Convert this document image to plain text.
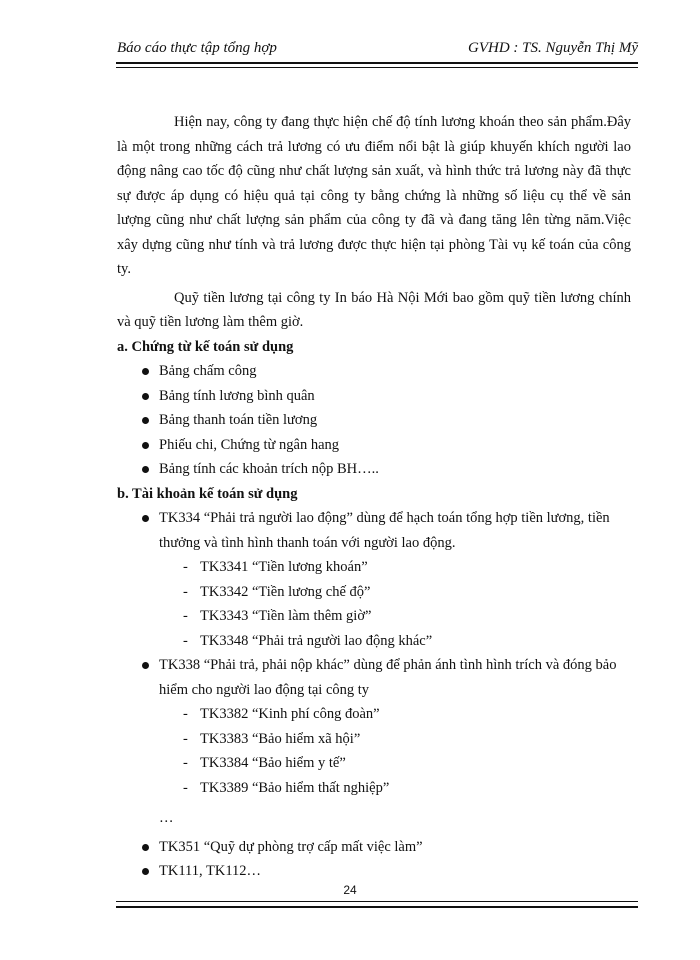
Báo cáo thực tập tổng hợp	GVHD : TS. Nguyễn Thị Mỹ

Hiện nay, công ty đang thực hiện chế độ tính lương khoán theo sản phẩm.Đây là một trong những cách trả lương có ưu điểm nổi bật là giúp khuyến khích người lao động nâng cao tốc độ cũng như chất lượng sản xuất, và hình thức trả lương này đã thực sự được áp dụng có hiệu quả tại công ty bằng chứng là những số liệu cụ thể về sản lượng cũng như chất lượng sản phẩm của công ty đã và đang tăng lên từng năm.Việc xây dựng cũng như tính và trả lương được thực hiện tại phòng Tài vụ kế toán của công ty.

Quỹ tiền lương tại công ty In báo Hà Nội Mới bao gồm quỹ tiền lương chính và quỹ tiền lương làm thêm giờ.

a. Chứng từ kế toán sử dụng

Bảng chấm công
Bảng tính lương bình quân
Bảng thanh toán tiền lương
Phiếu chi, Chứng từ ngân hang
Bảng tính các khoản trích nộp BH…..

b. Tài khoản kế toán sử dụng

TK334 “Phải trả người lao động” dùng để hạch toán tổng hợp tiền lương, tiền thưởng và tình hình thanh toán với người lao động.
- TK3341 “Tiền lương khoán”
- TK3342 “Tiền lương chế độ”
- TK3343 “Tiền làm thêm giờ”
- TK3348 “Phải trả người lao động khác”
TK338 “Phải trả, phải nộp khác” dùng để phản ánh tình hình trích và đóng bảo hiểm cho người lao động tại công ty
- TK3382 “Kinh phí công đoàn”
- TK3383 “Bảo hiểm xã hội”
- TK3384 “Bảo hiểm y tế”
- TK3389 “Bảo hiểm thất nghiệp”
…
TK351 “Quỹ dự phòng trợ cấp mất việc làm”
TK111, TK112…
24
